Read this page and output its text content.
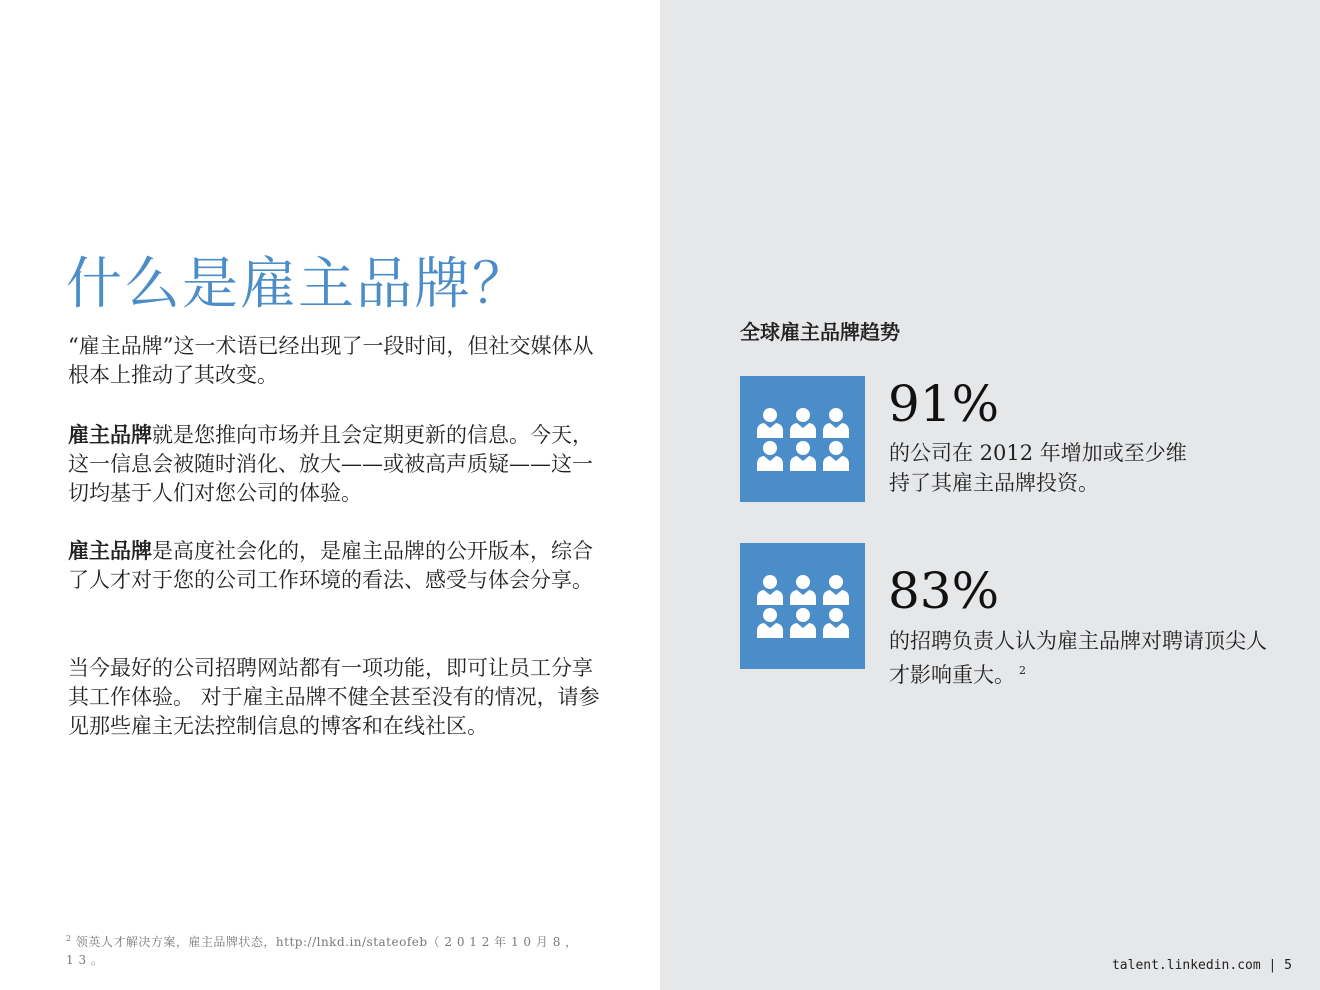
什么是雇主品牌？

“雇主品牌”这一术语已经出现了一段时间，但社交媒体从根本上推动了其改变。

雇主品牌就是您推向市场并且会定期更新的信息。今天，这一信息会被随时消化、放大——或被高声质疑——这一切均基于人们对您公司的体验。

雇主品牌是高度社会化的，是雇主品牌的公开版本，综合了人才对于您的公司工作环境的看法、感受与体会分享。

当今最好的公司招聘网站都有一项功能，即可让员工分享其工作体验。 对于雇主品牌不健全甚至没有的情况，请参见那些雇主无法控制信息的博客和在线社区。

$^2$ 领英人才解决方案，雇主品牌状态，http://lnkd.in/stateofeb（ 2 0 1 2 年 1 0 月 8 ， 1 3 。

全球雇主品牌趋势
91%

的公司在 2012 年增加或至少维持了其雇主品牌投资。

83%

的招聘负责人认为雇主品牌对聘请顶尖人才影响重大。 $^2$

talent.linkedin.com | 5
